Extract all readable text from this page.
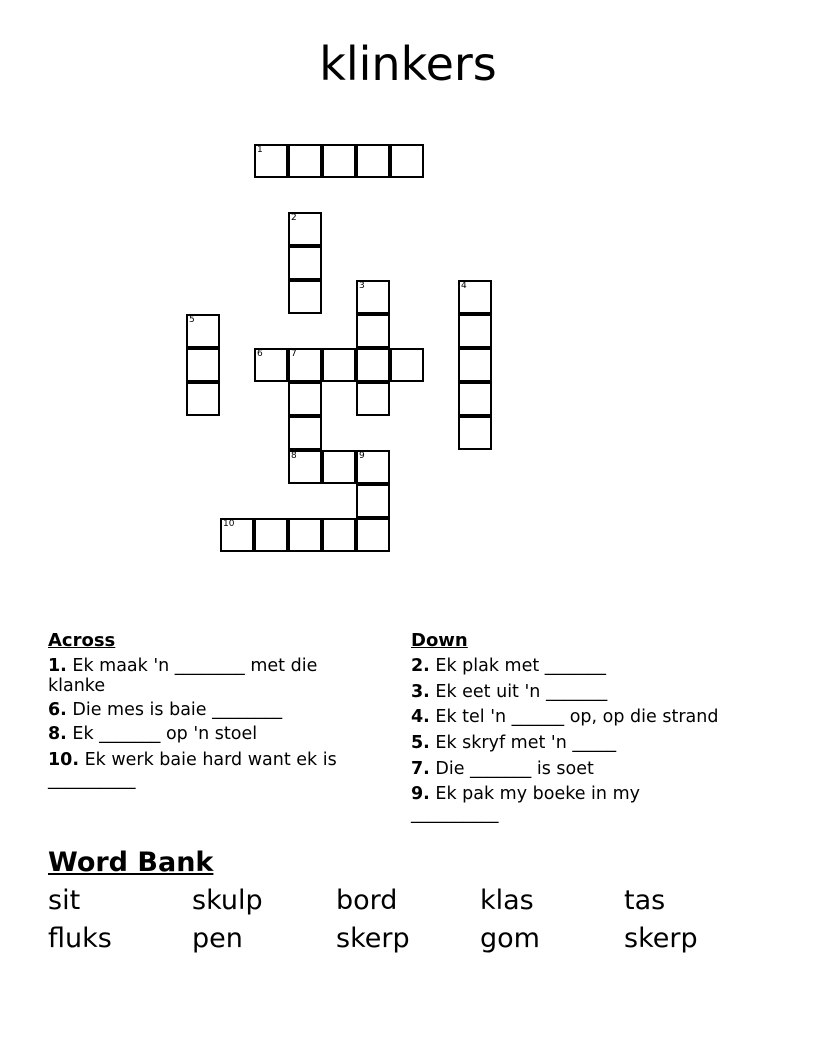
klinkers
1
2
3	4
5
6	7
8	9
10
Across

1. Ek maak 'n ________ met die klanke

6. Die mes is baie ________

8. Ek _______ op 'n stoel

10. Ek werk baie hard want ek is __________

Down

2. Ek plak met _______

3. Ek eet uit 'n _______

4. Ek tel 'n ______ op, op die strand

5. Ek skryf met 'n _____

7. Die _______ is soet

9. Ek pak my boeke in my __________

Word Bank
sit	skulp	bord	klas	tas
fluks	pen	skerp	gom	skerp
